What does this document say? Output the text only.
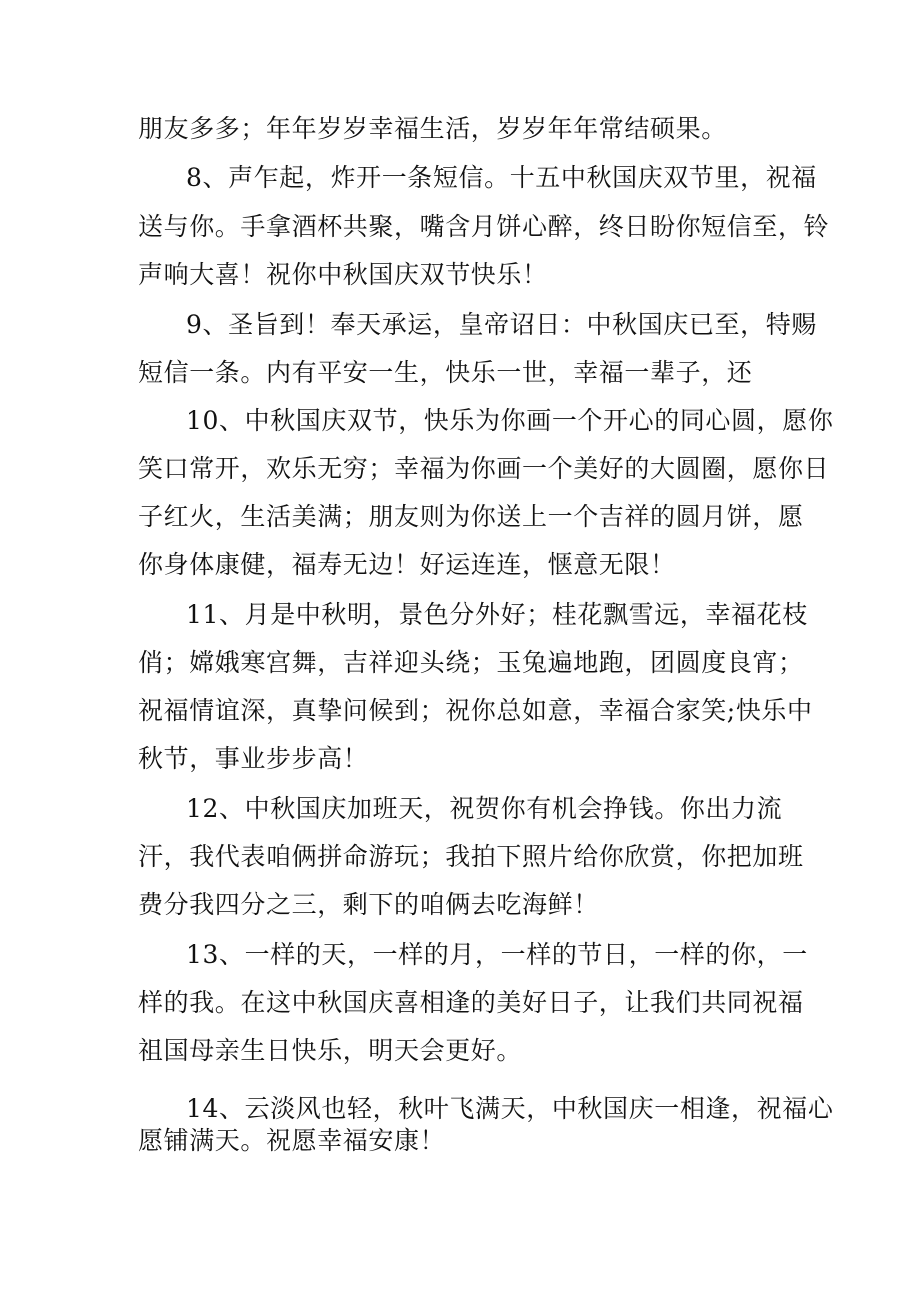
朋友多多；年年岁岁幸福生活，岁岁年年常结硕果。
8、声乍起，炸开一条短信。十五中秋国庆双节里，祝福
送与你。手拿酒杯共聚，嘴含月饼心醉，终日盼你短信至，铃
声响大喜！祝你中秋国庆双节快乐！
9、圣旨到！奉天承运，皇帝诏日：中秋国庆已至，特赐
短信一条。内有平安一生，快乐一世，幸福一辈子，还
10、中秋国庆双节，快乐为你画一个开心的同心圆，愿你
笑口常开，欢乐无穷；幸福为你画一个美好的大圆圈，愿你日
子红火，生活美满；朋友则为你送上一个吉祥的圆月饼，愿
你身体康健，福寿无边！好运连连，惬意无限！
11、月是中秋明，景色分外好；桂花飘雪远，幸福花枝
俏；嫦娥寒宫舞，吉祥迎头绕；玉兔遍地跑，团圆度良宵；
祝福情谊深，真挚问候到；祝你总如意，幸福合家笑;快乐中
秋节，事业步步高！
12、中秋国庆加班天，祝贺你有机会挣钱。你出力流
汗，我代表咱俩拼命游玩；我拍下照片给你欣赏，你把加班
费分我四分之三，剩下的咱俩去吃海鲜！
13、一样的天，一样的月，一样的节日，一样的你，一
样的我。在这中秋国庆喜相逢的美好日子，让我们共同祝福
祖国母亲生日快乐，明天会更好。
14、云淡风也轻，秋叶飞满天，中秋国庆一相逢，祝福心
愿铺满天。祝愿幸福安康！
